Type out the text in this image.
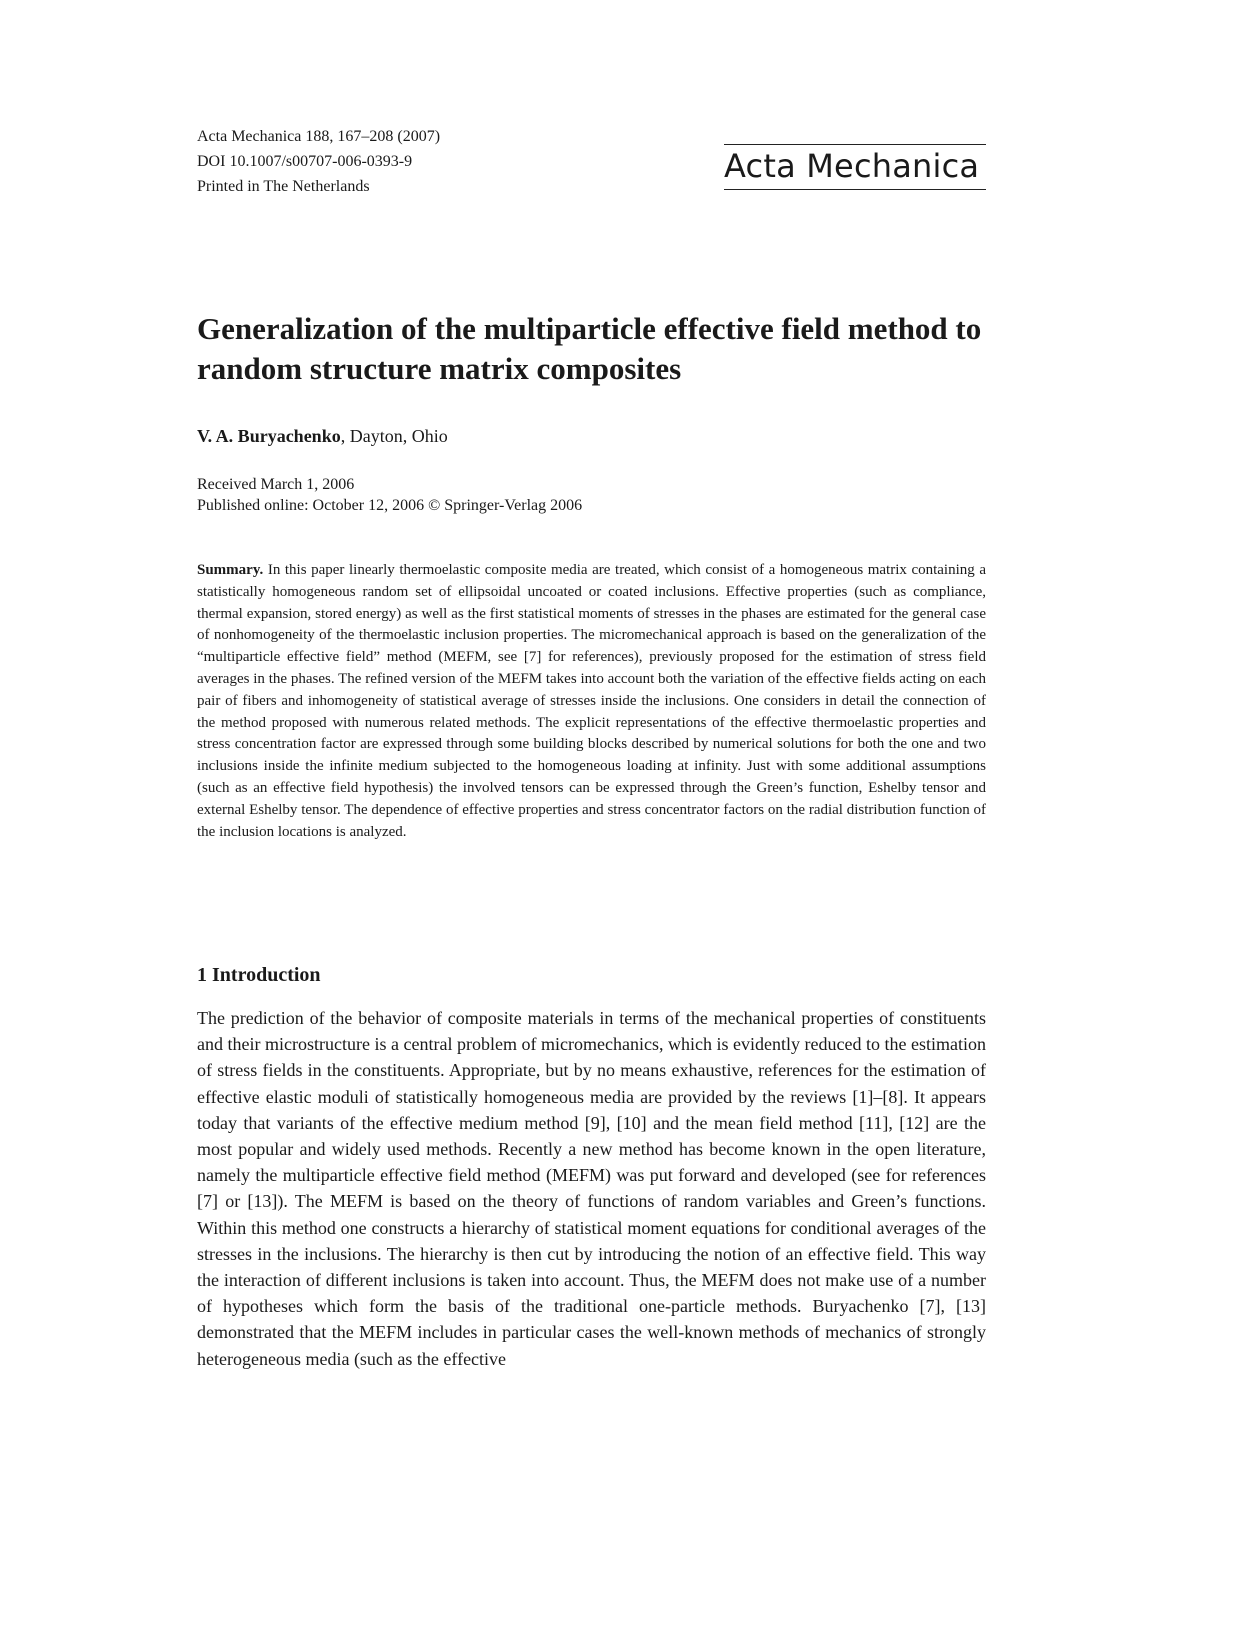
Acta Mechanica 188, 167–208 (2007)
DOI 10.1007/s00707-006-0393-9
Printed in The Netherlands
Acta Mechanica
Generalization of the multiparticle effective field method to random structure matrix composites
V. A. Buryachenko, Dayton, Ohio
Received March 1, 2006
Published online: October 12, 2006 © Springer-Verlag 2006

Summary. In this paper linearly thermoelastic composite media are treated, which consist of a homogeneous matrix containing a statistically homogeneous random set of ellipsoidal uncoated or coated inclusions. Effective properties (such as compliance, thermal expansion, stored energy) as well as the first statistical moments of stresses in the phases are estimated for the general case of nonhomogeneity of the thermoelastic inclusion properties. The micromechanical approach is based on the generalization of the “multiparticle effective field” method (MEFM, see [7] for references), previously proposed for the estimation of stress field averages in the phases. The refined version of the MEFM takes into account both the variation of the effective fields acting on each pair of fibers and inhomogeneity of statistical average of stresses inside the inclusions. One considers in detail the connection of the method proposed with numerous related methods. The explicit representations of the effective thermoelastic properties and stress concentration factor are expressed through some building blocks described by numerical solutions for both the one and two inclusions inside the infinite medium subjected to the homogeneous loading at infinity. Just with some additional assumptions (such as an effective field hypothesis) the involved tensors can be expressed through the Green’s function, Eshelby tensor and external Eshelby tensor. The dependence of effective properties and stress concentrator factors on the radial distribution function of the inclusion locations is analyzed.

1 Introduction

The prediction of the behavior of composite materials in terms of the mechanical properties of constituents and their microstructure is a central problem of micromechanics, which is evidently reduced to the estimation of stress fields in the constituents. Appropriate, but by no means exhaustive, references for the estimation of effective elastic moduli of statistically homogeneous media are provided by the reviews [1]–[8]. It appears today that variants of the effective medium method [9], [10] and the mean field method [11], [12] are the most popular and widely used methods. Recently a new method has become known in the open literature, namely the multiparticle effective field method (MEFM) was put forward and developed (see for references [7] or [13]). The MEFM is based on the theory of functions of random variables and Green’s functions. Within this method one constructs a hierarchy of statistical moment equations for conditional averages of the stresses in the inclusions. The hierarchy is then cut by introducing the notion of an effective field. This way the interaction of different inclusions is taken into account. Thus, the MEFM does not make use of a number of hypotheses which form the basis of the traditional one-particle methods. Buryachenko [7], [13] demonstrated that the MEFM includes in particular cases the well-known methods of mechanics of strongly heterogeneous media (such as the effective
